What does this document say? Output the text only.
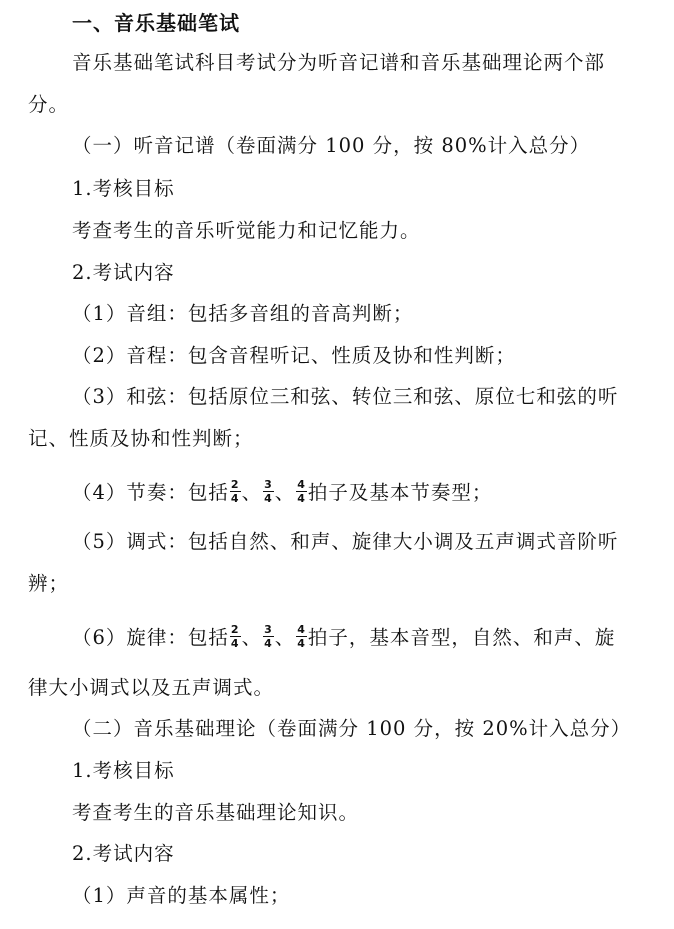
一、音乐基础笔试
音乐基础笔试科目考试分为听音记谱和音乐基础理论两个部
分。
（一）听音记谱（卷面满分 100 分，按 80%计入总分）
1.考核目标
考查考生的音乐听觉能力和记忆能力。
2.考试内容
（1）音组：包括多音组的音高判断；
（2）音程：包含音程听记、性质及协和性判断；
（3）和弦：包括原位三和弦、转位三和弦、原位七和弦的听
记、性质及协和性判断；
（4）节奏：包括 $\frac{2}{4}$ 、 $\frac{3}{4}$ 、 $\frac{4}{4}$ 拍子及基本节奏型；
（5）调式：包括自然、和声、旋律大小调及五声调式音阶听
辨；
（6）旋律：包括 $\frac{2}{4}$ 、 $\frac{3}{4}$ 、 $\frac{4}{4}$ 拍子，基本音型，自然、和声、旋
律大小调式以及五声调式。
（二）音乐基础理论（卷面满分 100 分，按 20%计入总分）
1.考核目标
考查考生的音乐基础理论知识。
2.考试内容
（1）声音的基本属性；
